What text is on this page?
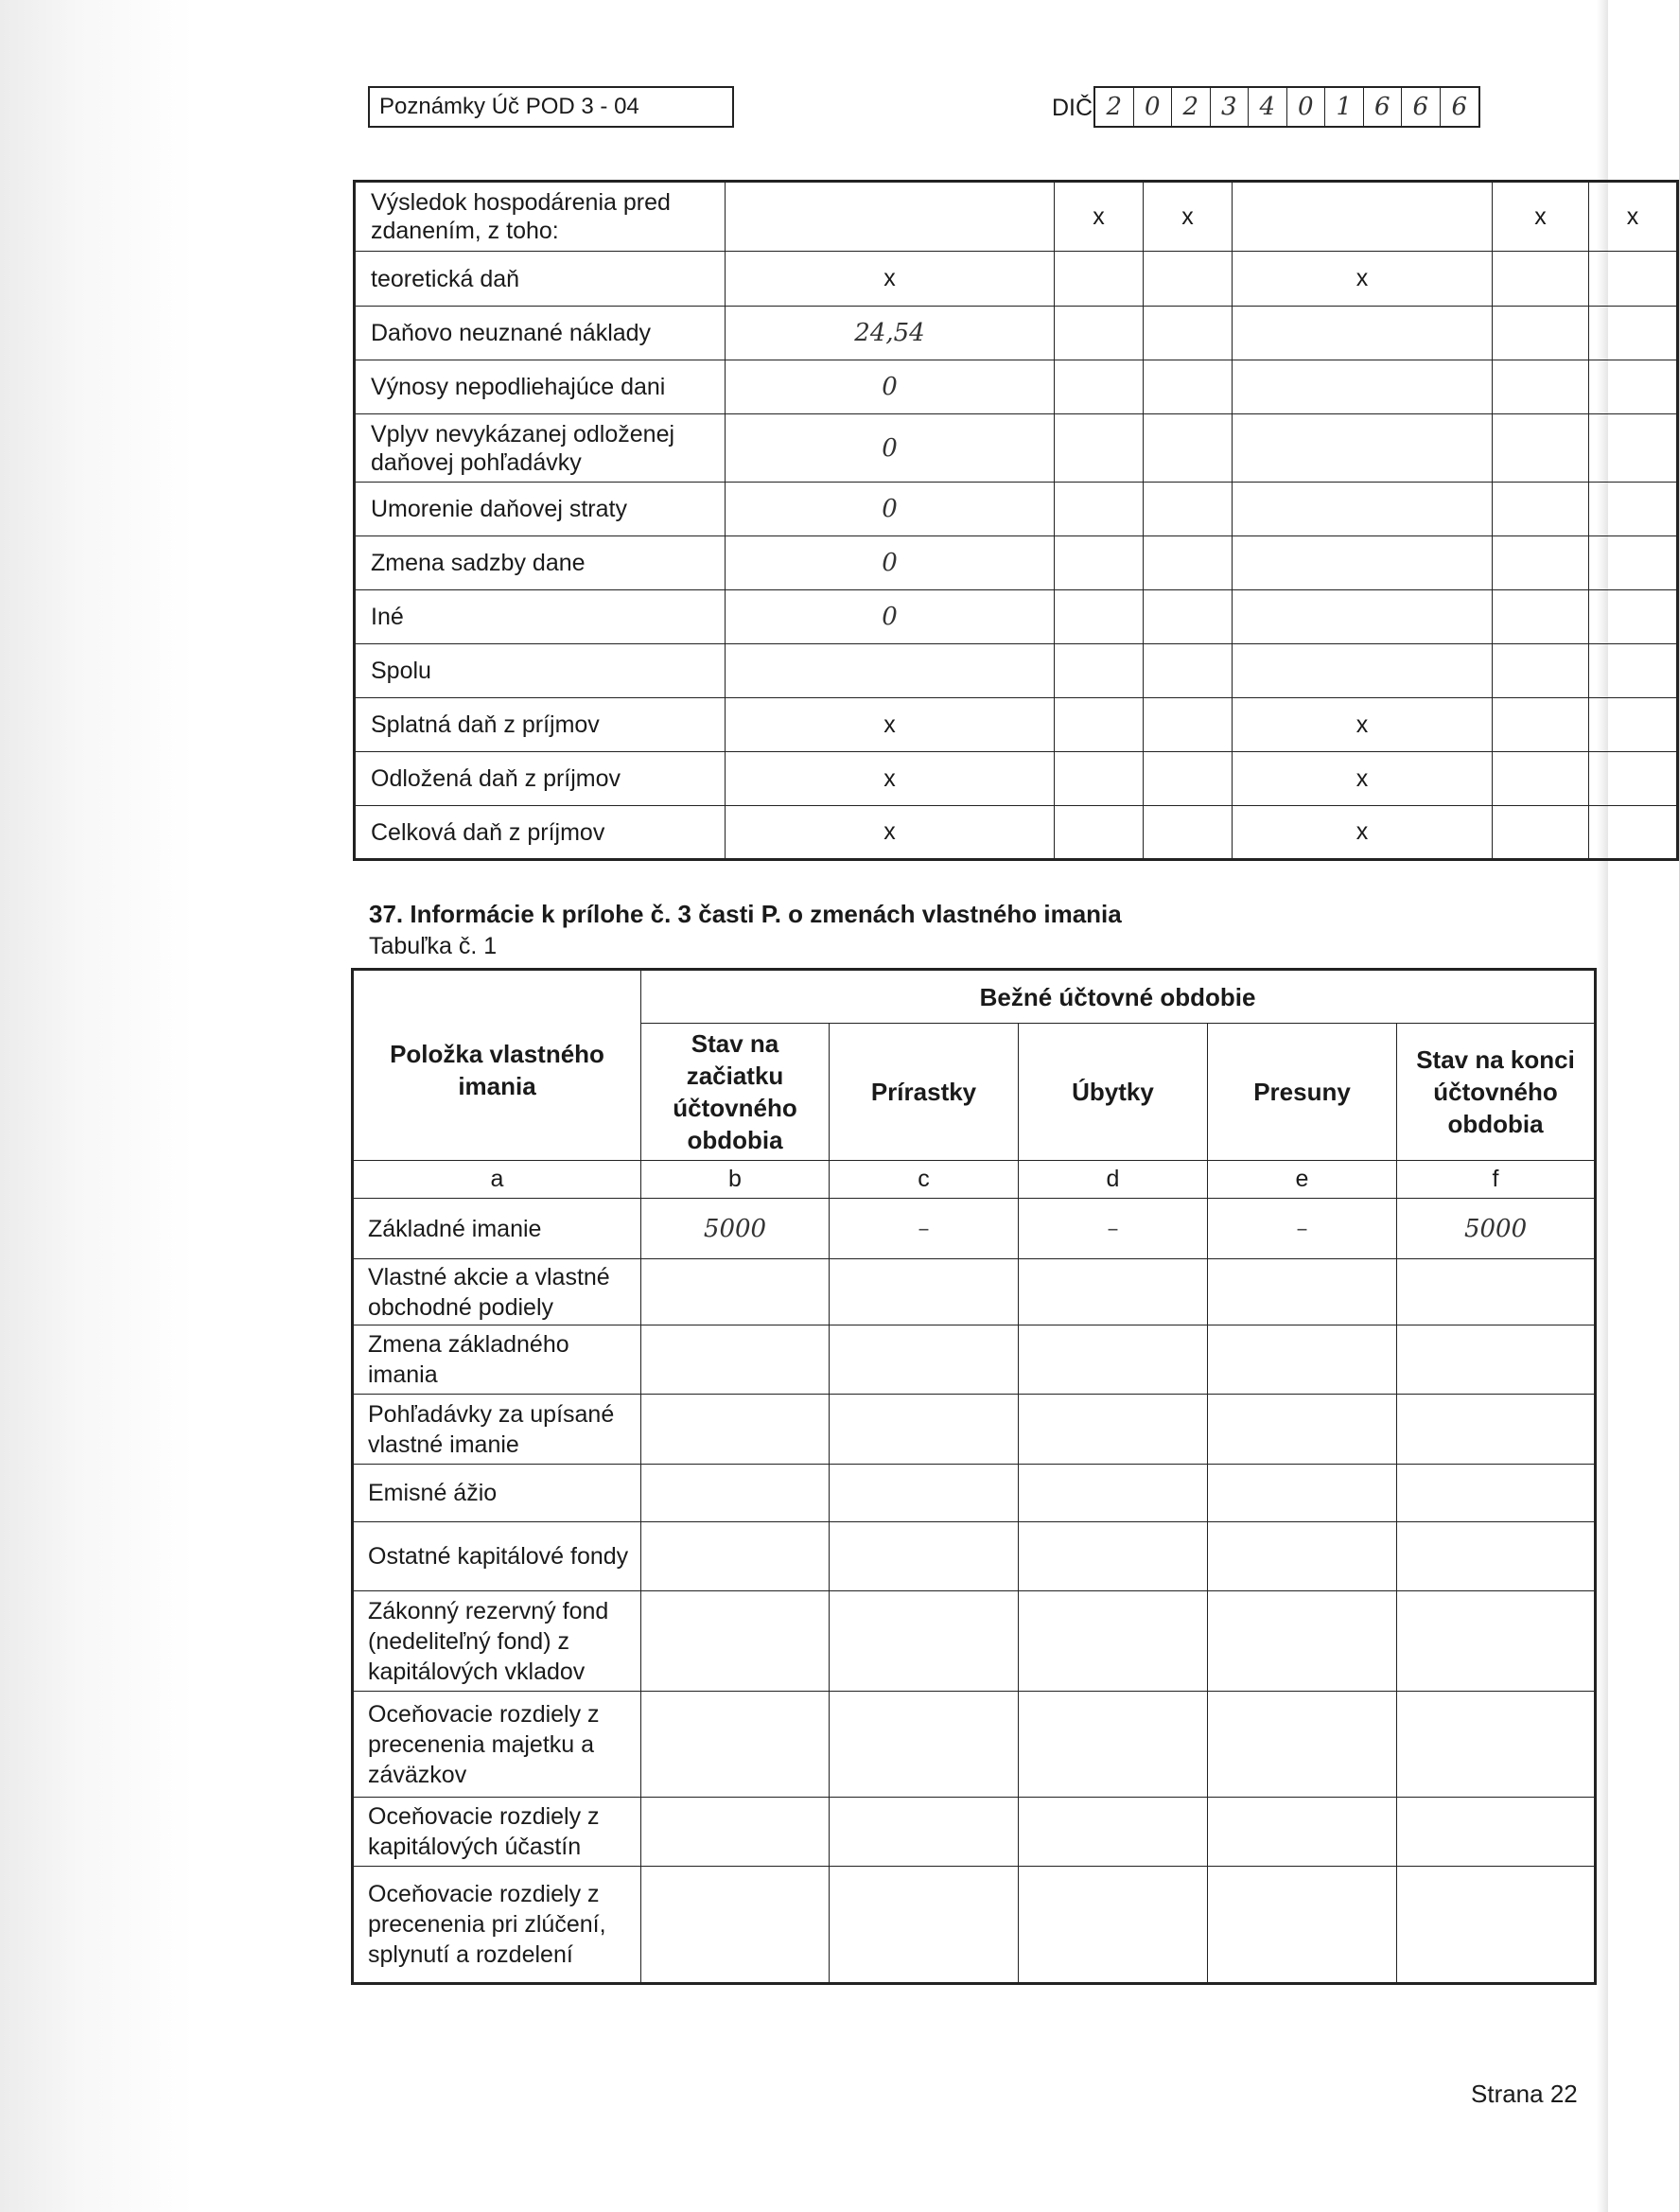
Poznámky Úč POD 3 - 04	DIČ 2 0 2 3 4 0 1 6 6 6
Výsledok hospodárenia pred zdanením, z toho:		x	x		x	x
teoretická daň	x			x		
Daňovo neuznané náklady	24,54					
Výnosy nepodliehajúce dani	0					
Vplyv nevykázanej odloženej daňovej pohľadávky	0					
Umorenie daňovej straty	0					
Zmena sadzby dane	0					
Iné	0					
Spolu						
Splatná daň z príjmov	x			x		
Odložená daň z príjmov	x			x		
Celková daň z príjmov	x			x		
37. Informácie k prílohe č. 3 časti P. o zmenách vlastného imania
Tabuľka č. 1
Položka vlastného imania	Bežné účtovné obdobie				
	Stav na začiatku účtovného obdobia	Prírastky	Úbytky	Presuny	Stav na konci účtovného obdobia
a	b	c	d	e	f
Základné imanie	5000	–	–	–	5000
Vlastné akcie a vlastné obchodné podiely					
Zmena základného imania					
Pohľadávky za upísané vlastné imanie					
Emisné ážio					
Ostatné kapitálové fondy					
Zákonný rezervný fond (nedeliteľný fond) z kapitálových vkladov					
Oceňovacie rozdiely z precenenia majetku a záväzkov					
Oceňovacie rozdiely z kapitálových účastín					
Oceňovacie rozdiely z precenenia pri zlúčení, splynutí a rozdelení					
Strana 22
